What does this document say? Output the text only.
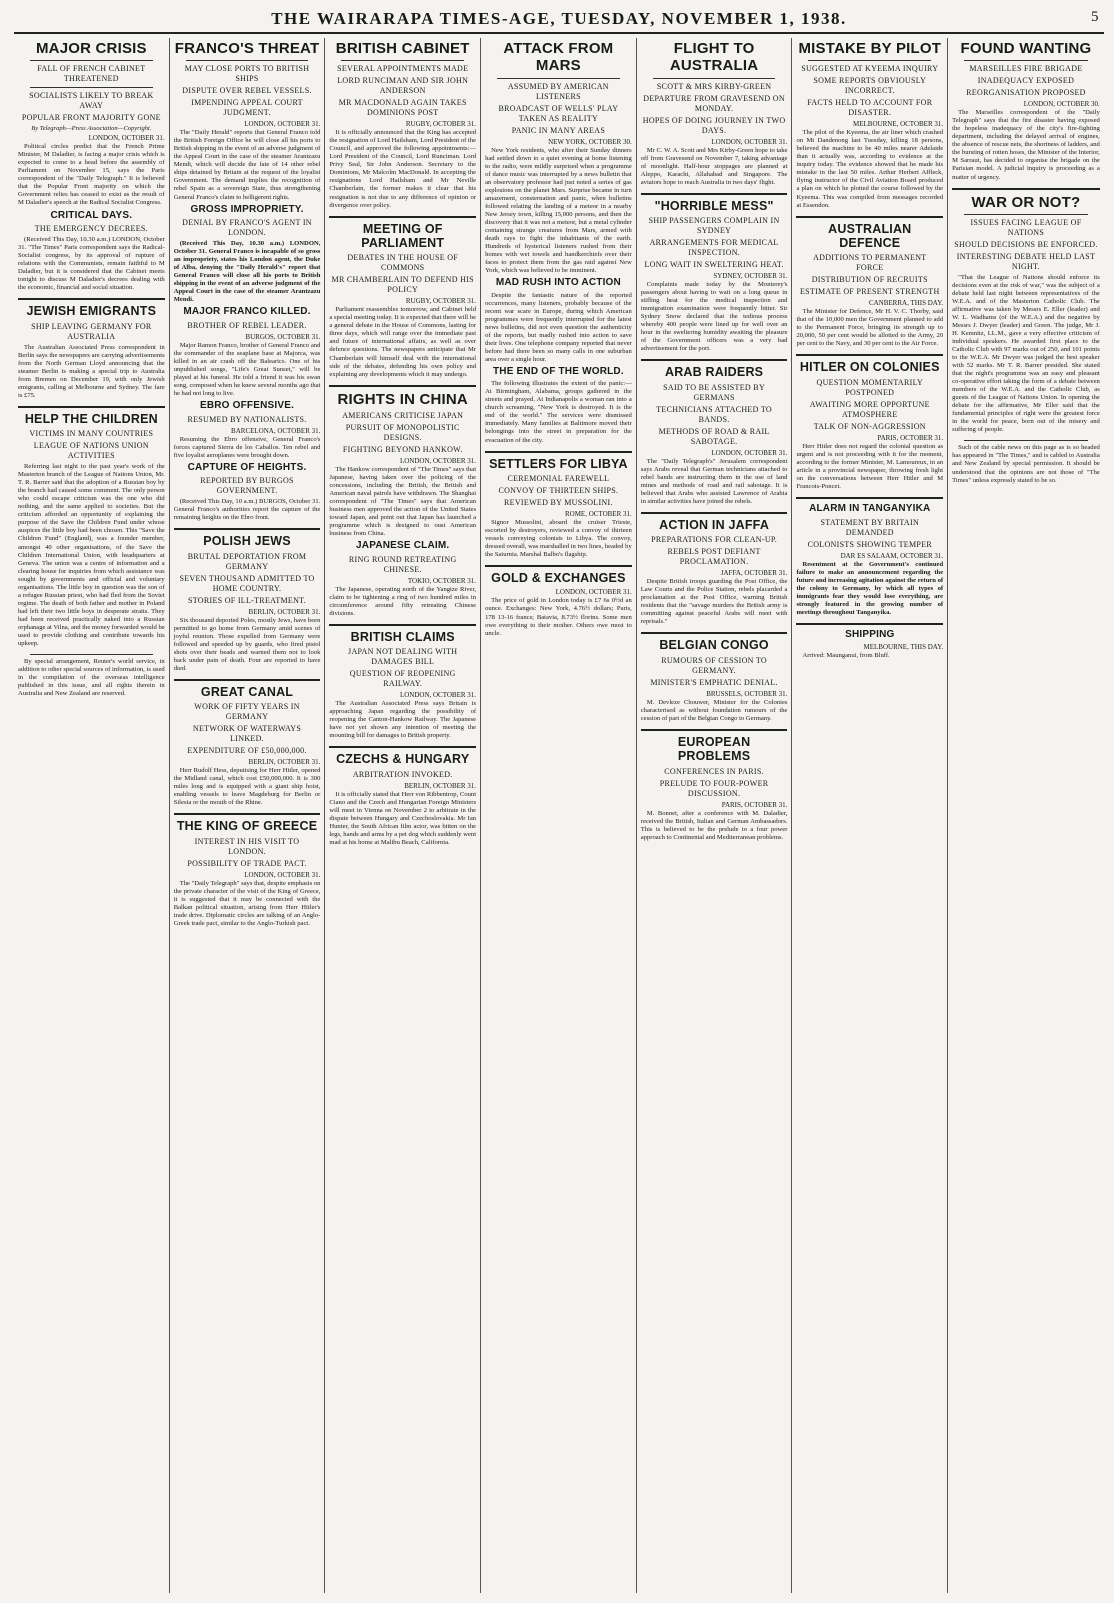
THE WAIRARAPA TIMES-AGE, TUESDAY, NOVEMBER 1, 1938.	5
MAJOR CRISIS
FALL OF FRENCH CABINET THREATENED
SOCIALISTS LIKELY TO BREAK AWAY
POPULAR FRONT MAJORITY GONE
By Telegraph—Press Association—Copyright.
LONDON, OCTOBER 31.

Political circles predict that the French Prime Minister, M Daladier, is facing a major crisis which is expected to come to a head before the assembly of Parliament on November 15, says the Paris correspondent of the "Daily Telegraph." It is believed that the Popular Front majority on which the Government relies has ceased to exist as the result of M Daladier's speech at the Radical Socialist Congress.

CRITICAL DAYS.
THE EMERGENCY DECREES.

(Received This Day, 10.30 a.m.) LONDON, October 31. "The Times" Paris correspondent says the Radical-Socialist congress, by its approval of rupture of relations with the Communists, remain faithful to M Daladier, but it is considered that the Cabinet meets tonight to discuss M Daladier's decrees dealing with the economic, financial and social situation.

JEWISH EMIGRANTS
SHIP LEAVING GERMANY FOR AUSTRALIA

The Australian Associated Press correspondent in Berlin says the newspapers are carrying advertisements from the North German Lloyd announcing that the steamer Berlin is making a special trip to Australia from Bremen on December 19, with only Jewish emigrants, calling at Melbourne and Sydney. The fare is £75.

HELP THE CHILDREN
VICTIMS IN MANY COUNTRIES
LEAGUE OF NATIONS UNION ACTIVITIES

Referring last night to the past year's work of the Masterton branch of the League of Nations Union, Mr. T. R. Barrer said that the adoption of a Russian boy by the branch had caused some comment. The only person who could escape criticism was the one who did nothing, and the same applied to societies. But the criticism afforded an opportunity of explaining the purpose of the Save the Children Fund under whose auspices the little boy had been chosen. This "Save the Children Fund" (England), was a founder member, amongst 40 other organisations, of the Save the Children International Union, with headquarters at Geneva. The union was a centre of information and a clearing house for inquiries from which assistance was sought by governments and official and voluntary organisations. The little boy in question was the son of a refugee Russian priest, who had fled from the Soviet regime. The death of both father and mother in Poland had left their two little boys in desperate straits. They had been received practically naked into a Russian orphanage at Vilna, and the money forwarded would be used to provide clothing and contribute towards his upkeep.

By special arrangement, Reuter's world service, in addition to other special sources of information, is used in the compilation of the overseas intelligence published in this issue, and all rights therein in Australia and New Zealand are reserved.

FRANCO'S THREAT
MAY CLOSE PORTS TO BRITISH SHIPS
DISPUTE OVER REBEL VESSELS.
IMPENDING APPEAL COURT JUDGMENT.
LONDON, OCTOBER 31.

The "Daily Herald" reports that General Franco told the British Foreign Office he will close all his ports to British shipping in the event of an adverse judgment of the Appeal Court in the case of the steamer Arantzazu Mendi, which will decide the fate of 14 other rebel ships detained by Britain at the request of the loyalist Government. The demand implies the recognition of rebel Spain as a sovereign State, thus strengthening General Franco's claim to belligerent rights.

GROSS IMPROPRIETY.
DENIAL BY FRANCO'S AGENT IN LONDON.

(Received This Day, 10.30 a.m.) LONDON, October 31. General Franco is incapable of so gross an impropriety, states his London agent, the Duke of Alba, denying the "Daily Herald's" report that General Franco will close all his ports to British shipping in the event of an adverse judgment of the Appeal Court in the case of the steamer Arantzazu Mendi.

MAJOR FRANCO KILLED.
BROTHER OF REBEL LEADER.
BURGOS, OCTOBER 31.

Major Ramon Franco, brother of General Franco and the commander of the seaplane base at Majorca, was killed in an air crash off the Balearics. One of his unpublished songs, "Life's Great Sunset," will be played at his funeral. He told a friend it was his swan song, composed when he knew several months ago that he had not long to live.

EBRO OFFENSIVE.
RESUMED BY NATIONALISTS.
BARCELONA, OCTOBER 31.

Resuming the Ebro offensive, General Franco's forces captured Sierra de los Caballos. Ten rebel and five loyalist aeroplanes were brought down.

CAPTURE OF HEIGHTS.
REPORTED BY BURGOS GOVERNMENT.

(Received This Day, 10 a.m.) BURGOS, October 31. General Franco's authorities report the capture of the remaining heights on the Ebro front.

POLISH JEWS
BRUTAL DEPORTATION FROM GERMANY
SEVEN THOUSAND ADMITTED TO HOME COUNTRY.
STORIES OF ILL-TREATMENT.
BERLIN, OCTOBER 31.

Six thousand deported Poles, mostly Jews, have been permitted to go home from Germany amid scenes of joyful reunion. Those expelled from Germany were followed and speeded up by guards, who fired pistol shots over their heads and warned them not to look back under pain of death. Four are reported to have died.

GREAT CANAL
WORK OF FIFTY YEARS IN GERMANY
NETWORK OF WATERWAYS LINKED.
EXPENDITURE OF £50,000,000.
BERLIN, OCTOBER 31.

Herr Rudolf Hess, deputising for Herr Hitler, opened the Midland canal, which cost £50,000,000. It is 300 miles long and is equipped with a giant ship hoist, enabling vessels to leave Magdeburg for Berlin or Silesia or the mouth of the Rhine.

THE KING OF GREECE
INTEREST IN HIS VISIT TO LONDON.
POSSIBILITY OF TRADE PACT.
LONDON, OCTOBER 31.

The "Daily Telegraph" says that, despite emphasis on the private character of the visit of the King of Greece, it is suggested that it may be connected with the Balkan political situation, arising from Herr Hitler's trade drive. Diplomatic circles are talking of an Anglo-Greek trade pact, similar to the Anglo-Turkish pact.

BRITISH CABINET
SEVERAL APPOINTMENTS MADE
LORD RUNCIMAN AND SIR JOHN ANDERSON
MR MACDONALD AGAIN TAKES DOMINIONS POST
RUGBY, OCTOBER 31.

It is officially announced that the King has accepted the resignation of Lord Hailsham, Lord President of the Council, and approved the following appointments:— Lord President of the Council, Lord Runciman. Lord Privy Seal, Sir John Anderson. Secretary to the Dominions, Mr Malcolm MacDonald. In accepting the resignations Lord Hailsham and Mr Neville Chamberlain, the former makes it clear that his resignation is not due to any difference of opinion or divergence over policy.

MEETING OF PARLIAMENT
DEBATES IN THE HOUSE OF COMMONS
MR CHAMBERLAIN TO DEFEND HIS POLICY
RUGBY, OCTOBER 31.

Parliament reassembles tomorrow, and Cabinet held a special meeting today. It is expected that there will be a general debate in the House of Commons, lasting for three days, which will range over the immediate past and future of international affairs, as well as over defence questions. The newspapers anticipate that Mr Chamberlain will himself deal with the international side of the debates, defending his own policy and explaining any developments which it may undergo.

RIGHTS IN CHINA
AMERICANS CRITICISE JAPAN
PURSUIT OF MONOPOLISTIC DESIGNS.
FIGHTING BEYOND HANKOW.
LONDON, OCTOBER 31.

The Hankow correspondent of "The Times" says that Japanese, having taken over the policing of the concessions, including the British, the British and American naval patrols have withdrawn. The Shanghai correspondent of "The Times" says that American business men approved the action of the United States toward Japan, and point out that Japan has launched a programme which is designed to oust American business from China.

JAPANESE CLAIM.
RING ROUND RETREATING CHINESE.
TOKIO, OCTOBER 31.

The Japanese, operating north of the Yangtze River, claim to be tightening a ring of two hundred miles in circumference around fifty retreating Chinese divisions.

BRITISH CLAIMS
JAPAN NOT DEALING WITH DAMAGES BILL
QUESTION OF REOPENING RAILWAY.
LONDON, OCTOBER 31.

The Australian Associated Press says Britain is approaching Japan regarding the possibility of reopening the Canton-Hankow Railway. The Japanese have not yet shown any intention of meeting the mounting bill for damages to British property.

CZECHS & HUNGARY
ARBITRATION INVOKED.
BERLIN, OCTOBER 31.

It is officially stated that Herr von Ribbentrop, Count Ciano and the Czech and Hungarian Foreign Ministers will meet in Vienna on November 2 to arbitrate in the dispute between Hungary and Czechoslovakia. Mr Ian Hunter, the South African film actor, was bitten on the legs, hands and arms by a pet dog which suddenly went mad at his home at Malibu Beach, California.

ATTACK FROM MARS
ASSUMED BY AMERICAN LISTENERS
BROADCAST OF WELLS' PLAY TAKEN AS REALITY
PANIC IN MANY AREAS
NEW YORK, OCTOBER 30.

New York residents, who after their Sunday dinners had settled down to a quiet evening at home listening to the radio, were mildly surprised when a programme of dance music was interrupted by a news bulletin that an observatory professor had just noted a series of gas explosions on the planet Mars. Surprise became in turn amazement, consternation and panic, when bulletins followed relating the landing of a meteor in a nearby New Jersey town, killing 15,000 persons, and then the discovery that it was not a meteor, but a metal cylinder containing strange creatures from Mars, armed with death rays to fight the inhabitants of the earth. Hundreds of hysterical listeners rushed from their homes with wet towels and handkerchiefs over their faces to protect them from the gas raid against New York, which was believed to be imminent.

MAD RUSH INTO ACTION

Despite the fantastic nature of the reported occurrences, many listeners, probably because of the recent war scare in Europe, during which American programmes were frequently interrupted for the latest news bulletins, did not even question the authenticity of the reports, but madly rushed into action to save their lives. One telephone company reported that never before had there been so many calls in one suburban area over a single hour.

THE END OF THE WORLD.

The following illustrates the extent of the panic:— At Birmingham, Alabama, groups gathered in the streets and prayed. At Indianapolis a woman ran into a church screaming, "New York is destroyed. It is the end of the world." The services were dismissed immediately. Many families at Baltimore moved their belongings into the street in preparation for the evacuation of the city.

SETTLERS FOR LIBYA
CEREMONIAL FAREWELL
CONVOY OF THIRTEEN SHIPS.
REVIEWED BY MUSSOLINI.
ROME, OCTOBER 31.

Signor Mussolini, aboard the cruiser Trieste, escorted by destroyers, reviewed a convoy of thirteen vessels conveying colonists to Libya. The convoy, dressed overall, was marshalled in two lines, headed by the Saturnia. Marshal Balbo's flagship.

GOLD & EXCHANGES
LONDON, OCTOBER 31.

The price of gold in London today is £7 6s 0½d an ounce. Exchanges: New York, 4.76½ dollars; Paris, 178 13-16 francs; Batavia, 8.73½ florins. Some men owe everything to their mother. Others owe most to uncle.

FLIGHT TO AUSTRALIA
SCOTT & MRS KIRBY-GREEN
DEPARTURE FROM GRAVESEND ON MONDAY.
HOPES OF DOING JOURNEY IN TWO DAYS.
LONDON, OCTOBER 31.

Mr C. W. A. Scott and Mrs Kirby-Green hope to take off from Gravesend on November 7, taking advantage of moonlight. Half-hour stoppages are planned at Aleppo, Karachi, Allahabad and Singapore. The aviators hope to reach Australia in two days' flight.

"HORRIBLE MESS"
SHIP PASSENGERS COMPLAIN IN SYDNEY
ARRANGEMENTS FOR MEDICAL INSPECTION.
LONG WAIT IN SWELTERING HEAT.
SYDNEY, OCTOBER 31.

Complaints made today by the Monterey's passengers about having to wait on a long queue in stifling heat for the medical inspection and immigration examination were frequently bitter. Sir Sydney Snow declared that the tedious process whereby 400 people were lined up for well over an hour in the sweltering humidity awaiting the pleasure of the Government officers was a very bad advertisement for the port.

ARAB RAIDERS
SAID TO BE ASSISTED BY GERMANS
TECHNICIANS ATTACHED TO BANDS.
METHODS OF ROAD & RAIL SABOTAGE.
LONDON, OCTOBER 31.

The "Daily Telegraph's" Jerusalem correspondent says Arabs reveal that German technicians attached to rebel bands are instructing them in the use of land mines and methods of road and rail sabotage. It is believed that Arabs who assisted Lawrence of Arabia in similar activities have joined the rebels.

ACTION IN JAFFA
PREPARATIONS FOR CLEAN-UP.
REBELS POST DEFIANT PROCLAMATION.
JAFFA, OCTOBER 31.

Despite British troops guarding the Post Office, the Law Courts and the Police Station, rebels placarded a proclamation at the Post Office, warning British residents that the "savage murders the British army is committing against peaceful Arabs will meet with reprisals."

BELGIAN CONGO
RUMOURS OF CESSION TO GERMANY.
MINISTER'S EMPHATIC DENIAL.
BRUSSELS, OCTOBER 31.

M. Devleze Chouwer, Minister for the Colonies characterised as without foundation rumours of the cession of part of the Belgian Congo to Germany.

EUROPEAN PROBLEMS
CONFERENCES IN PARIS.
PRELUDE TO FOUR-POWER DISCUSSION.
PARIS, OCTOBER 31.

M. Bonnet, after a conference with M. Daladier, received the British, Italian and German Ambassadors. This is believed to be the prelude to a four power approach to Continental and Mediterranean problems.

MISTAKE BY PILOT
SUGGESTED AT KYEEMA INQUIRY
SOME REPORTS OBVIOUSLY INCORRECT.
FACTS HELD TO ACCOUNT FOR DISASTER.
MELBOURNE, OCTOBER 31.

The pilot of the Kyeema, the air liner which crashed on Mt Dandenong last Tuesday, killing 18 persons, believed the machine to be 40 miles nearer Adelaide than it actually was, according to evidence at the inquiry today. The evidence showed that he made his mistake in the last 50 miles. Arthur Herbert Affleck, flying instructor of the Civil Aviation Board produced a plan on which he plotted the course followed by the Kyeema. This was compiled from messages recorded at Essendon.

AUSTRALIAN DEFENCE
ADDITIONS TO PERMANENT FORCE
DISTRIBUTION OF RECRUITS
ESTIMATE OF PRESENT STRENGTH
CANBERRA, THIS DAY.

The Minister for Defence, Mr H. V. C. Thorby, said that of the 10,000 men the Government planned to add to the Permanent Force, bringing its strength up to 20,000, 50 per cent would be allotted to the Army, 20 per cent to the Navy, and 30 per cent to the Air Force.

HITLER ON COLONIES
QUESTION MOMENTARILY POSTPONED
AWAITING MORE OPPORTUNE ATMOSPHERE
TALK OF NON-AGGRESSION
PARIS, OCTOBER 31.

Herr Hitler does not regard the colonial question as urgent and is not proceeding with it for the moment, according to the former Minister, M. Lamoureux, in an article in a provincial newspaper, throwing fresh light on the conversations between Herr Hitler and M Francois-Poncet.

ALARM IN TANGANYIKA
STATEMENT BY BRITAIN DEMANDED
COLONISTS SHOWING TEMPER
DAR ES SALAAM, OCTOBER 31.

Resentment at the Government's continued failure to make an announcement regarding the future and increasing agitation against the return of the colony to Germany, by which all types of immigrants fear they would lose everything, are strongly featured in the growing number of meetings throughout Tanganyika.

SHIPPING
MELBOURNE, THIS DAY.

Arrived: Maunganui, from Bluff.

FOUND WANTING
MARSEILLES FIRE BRIGADE
INADEQUACY EXPOSED
REORGANISATION PROPOSED
LONDON, OCTOBER 30.

The Marseilles correspondent of the "Daily Telegraph" says that the fire disaster having exposed the hopeless inadequacy of the city's fire-fighting department, including the delayed arrival of engines, the absence of rescue nets, the shortness of ladders, and the bursting of rotten hoses, the Minister of the Interior, M Sarraut, has decided to organise the brigade on the Parisian model. A judicial inquiry is proceeding as a matter of urgency.

WAR OR NOT?
ISSUES FACING LEAGUE OF NATIONS
SHOULD DECISIONS BE ENFORCED.
INTERESTING DEBATE HELD LAST NIGHT.

"That the League of Nations should enforce its decisions even at the risk of war," was the subject of a debate held last night between representatives of the W.E.A. and of the Masterton Catholic Club. The affirmative was taken by Messrs E. Eller (leader) and W. L. Wadhams (of the W.E.A.) and the negative by Messrs J. Dwyer (leader) and Green. The judge, Mr J. H. Kemnitz, LL.M., gave a very effective criticism of individual speakers. He awarded first place to the Catholic Club with 97 marks out of 250, and 101 points to the W.E.A. Mr Dwyer was judged the best speaker with 52 marks. Mr T. R. Barrer presided. She stated that the night's programme was an easy and pleasant co-operative effort taking the form of a debate between members of the W.E.A. and the Catholic Club, as guests of the League of Nations Union. In opening the debate for the affirmative, Mr Eller said that the fundamental principles of right were the greatest force in the world for peace, born out of the misery and suffering of people.

Such of the cable news on this page as is so headed has appeared in "The Times," and is cabled to Australia and New Zealand by special permission. It should be understood that the opinions are not those of "The Times" unless expressly stated to be so.
